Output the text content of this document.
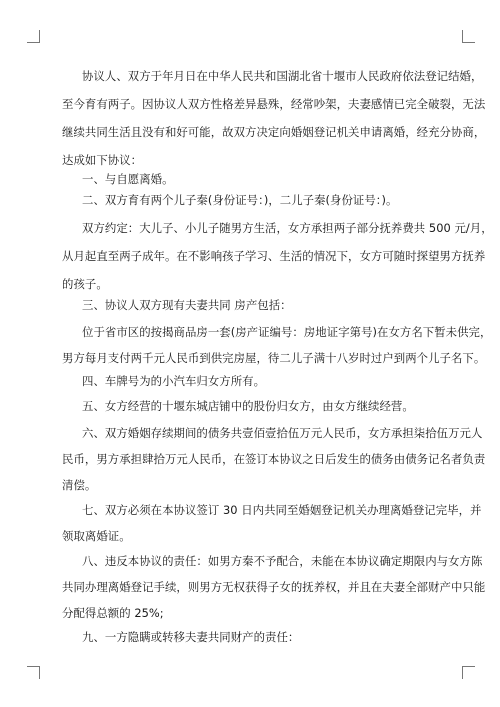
协议人、双方于年月日在中华人民共和国湖北省十堰市人民政府依法登记结婚，
至今育有两子。因协议人双方性格差异悬殊，经常吵架，夫妻感情已完全破裂，无法
继续共同生活且没有和好可能，故双方决定向婚姻登记机关申请离婚，经充分协商，
达成如下协议：
一、与自愿离婚。
二、双方育有两个儿子秦(身份证号：)，二儿子秦(身份证号：)。
双方约定：大儿子、小儿子随男方生活，女方承担两子部分抚养费共 500 元/月，
从月起直至两子成年。在不影响孩子学习、生活的情况下，女方可随时探望男方抚养
的孩子。
三、协议人双方现有夫妻共同 房产包括：
位于省市区的按揭商品房一套(房产证编号：房地证字第号)在女方名下暂未供完，
男方每月支付两千元人民币到供完房屋，待二儿子满十八岁时过户到两个儿子名下。
四、车牌号为的小汽车归女方所有。
五、女方经营的十堰东城店铺中的股份归女方，由女方继续经营。
六、双方婚姻存续期间的债务共壹佰壹拾伍万元人民币，女方承担柒拾伍万元人
民币，男方承担肆拾万元人民币，在签订本协议之日后发生的债务由债务记名者负责
清偿。
七、双方必须在本协议签订 30 日内共同至婚姻登记机关办理离婚登记完毕，并
领取离婚证。
八、违反本协议的责任：如男方秦不予配合，未能在本协议确定期限内与女方陈
共同办理离婚登记手续，则男方无权获得子女的抚养权，并且在夫妻全部财产中只能
分配得总额的 25%;
九、一方隐瞒或转移夫妻共同财产的责任：
